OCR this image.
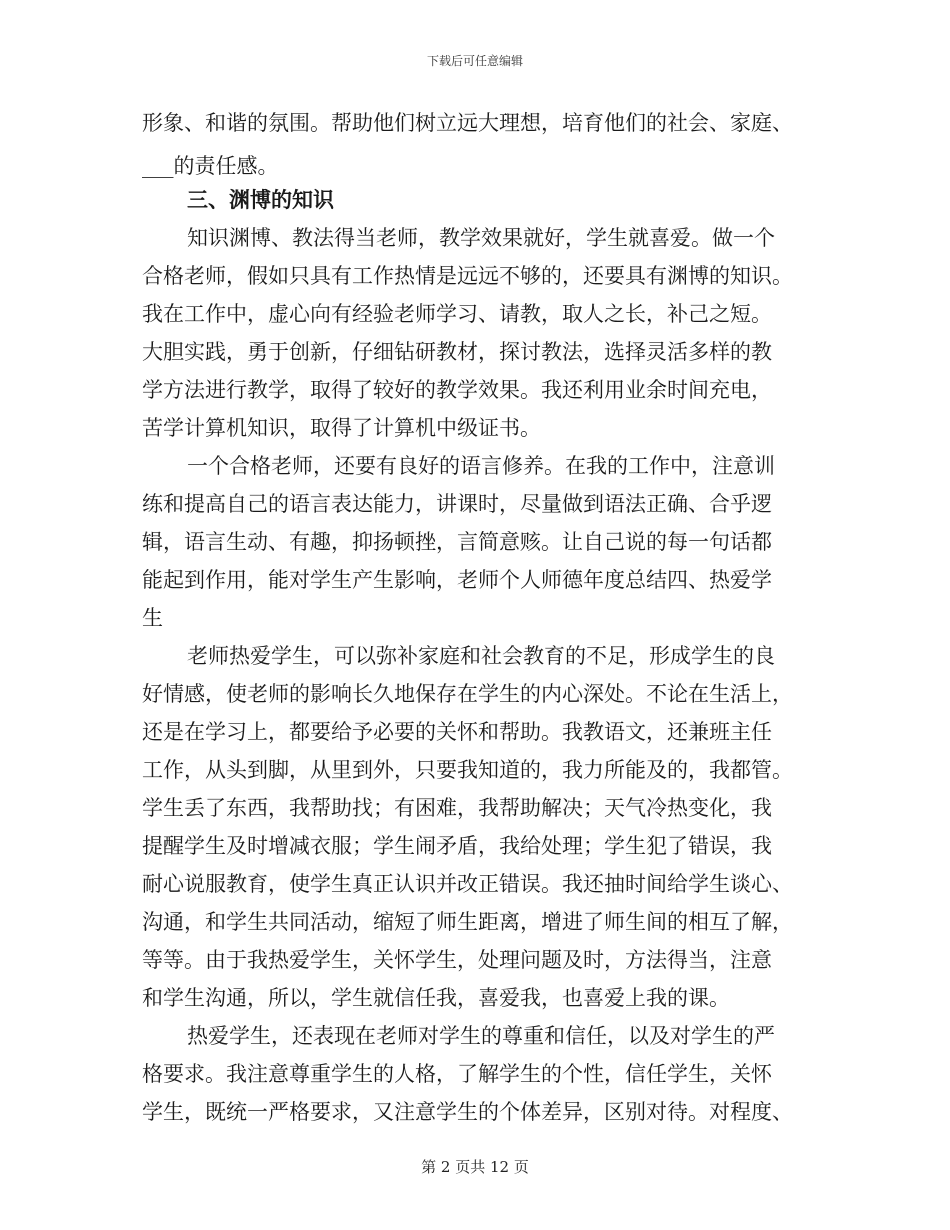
下载后可任意编辑
形象、和谐的氛围。帮助他们树立远大理想，培育他们的社会、家庭、
___的责任感。
三、渊博的知识
知识渊博、教法得当老师，教学效果就好，学生就喜爱。做一个
合格老师，假如只具有工作热情是远远不够的，还要具有渊博的知识。
我在工作中，虚心向有经验老师学习、请教，取人之长，补己之短。
大胆实践，勇于创新，仔细钻研教材，探讨教法，选择灵活多样的教
学方法进行教学，取得了较好的教学效果。我还利用业余时间充电，
苦学计算机知识，取得了计算机中级证书。
一个合格老师，还要有良好的语言修养。在我的工作中，注意训
练和提高自己的语言表达能力，讲课时，尽量做到语法正确、合乎逻
辑，语言生动、有趣，抑扬顿挫，言简意赅。让自己说的每一句话都
能起到作用，能对学生产生影响，老师个人师德年度总结四、热爱学
生
老师热爱学生，可以弥补家庭和社会教育的不足，形成学生的良
好情感，使老师的影响长久地保存在学生的内心深处。不论在生活上，
还是在学习上，都要给予必要的关怀和帮助。我教语文，还兼班主任
工作，从头到脚，从里到外，只要我知道的，我力所能及的，我都管。
学生丢了东西，我帮助找；有困难，我帮助解决；天气冷热变化，我
提醒学生及时增减衣服；学生闹矛盾，我给处理；学生犯了错误，我
耐心说服教育，使学生真正认识并改正错误。我还抽时间给学生谈心、
沟通，和学生共同活动，缩短了师生距离，增进了师生间的相互了解，
等等。由于我热爱学生，关怀学生，处理问题及时，方法得当，注意
和学生沟通，所以，学生就信任我，喜爱我，也喜爱上我的课。
热爱学生，还表现在老师对学生的尊重和信任，以及对学生的严
格要求。我注意尊重学生的人格，了解学生的个性，信任学生，关怀
学生，既统一严格要求，又注意学生的个体差异，区别对待。对程度、
第 2 页共 12 页
